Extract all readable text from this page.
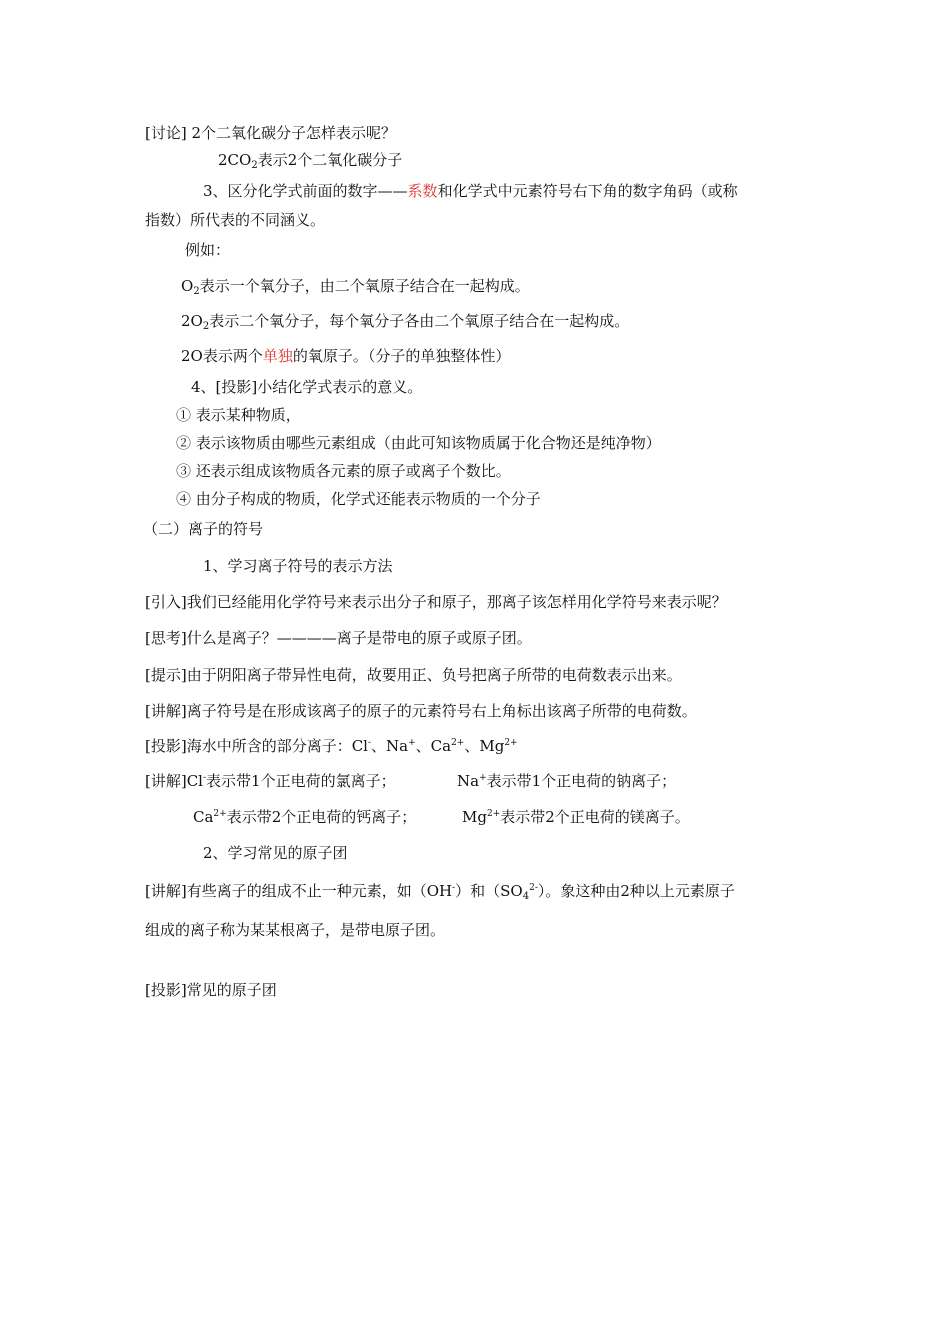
[讨论] 2个二氧化碳分子怎样表示呢？
$2CO_2$表示2个二氧化碳分子
3、区分化学式前面的数字——系数和化学式中元素符号右下角的数字角码（或称
指数）所代表的不同涵义。
例如：
$O_2$表示一个氧分子，由二个氧原子结合在一起构成。
$2O_2$表示二个氧分子，每个氧分子各由二个氧原子结合在一起构成。
2O表示两个单独的氧原子。（分子的单独整体性）
4、[投影]小结化学式表示的意义。
① 表示某种物质，
② 表示该物质由哪些元素组成（由此可知该物质属于化合物还是纯净物）
③ 还表示组成该物质各元素的原子或离子个数比。
④ 由分子构成的物质，化学式还能表示物质的一个分子
（二）离子的符号
1、学习离子符号的表示方法
[引入]我们已经能用化学符号来表示出分子和原子，那离子该怎样用化学符号来表示呢？
[思考]什么是离子？————离子是带电的原子或原子团。
[提示]由于阴阳离子带异性电荷，故要用正、负号把离子所带的电荷数表示出来。
[讲解]离子符号是在形成该离子的原子的元素符号右上角标出该离子所带的电荷数。
[投影]海水中所含的部分离子：Cl-、Na+、$Ca^{2+}$、$Mg^{2+}$
[讲解]Cl-表示带1个正电荷的氯离子；	Na+表示带1个正电荷的钠离子；
$Ca^{2+}$表示带2个正电荷的钙离子；	$Mg^{2+}$表示带2个正电荷的镁离子。
2、学习常见的原子团
[讲解]有些离子的组成不止一种元素，如（OH-）和$(SO_4^{2-})$。象这种由2种以上元素原子
组成的离子称为某某根离子，是带电原子团。
[投影]常见的原子团
